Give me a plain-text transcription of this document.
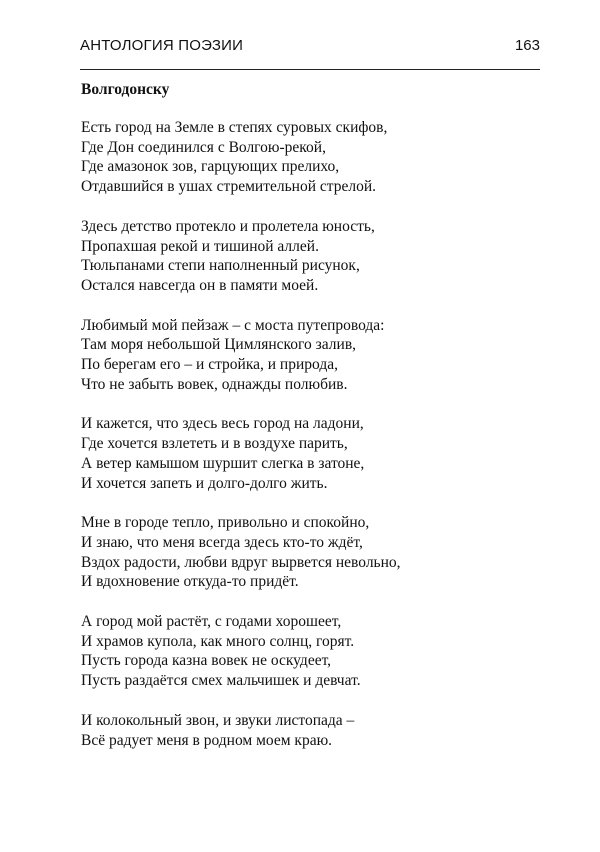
АНТОЛОГИЯ ПОЭЗИИ	163
Волгодонску
Есть город на Земле в степях суровых скифов,
Где Дон соединился с Волгою-рекой,
Где амазонок зов, гарцующих прелихо,
Отдавшийся в ушах стремительной стрелой.
Здесь детство протекло и пролетела юность,
Пропахшая рекой и тишиной аллей.
Тюльпанами степи наполненный рисунок,
Остался навсегда он в памяти моей.
Любимый мой пейзаж – с моста путепровода:
Там моря небольшой Цимлянского залив,
По берегам его – и стройка, и природа,
Что не забыть вовек, однажды полюбив.
И кажется, что здесь весь город на ладони,
Где хочется взлететь и в воздухе парить,
А ветер камышом шуршит слегка в затоне,
И хочется запеть и долго-долго жить.
Мне в городе тепло, привольно и спокойно,
И знаю, что меня всегда здесь кто-то ждёт,
Вздох радости, любви вдруг вырвется невольно,
И вдохновение откуда-то придёт.
А город мой растёт, с годами хорошеет,
И храмов купола, как много солнц, горят.
Пусть города казна вовек не оскудеет,
Пусть раздаётся смех мальчишек и девчат.
И колокольный звон, и звуки листопада –
Всё радует меня в родном моем краю.
